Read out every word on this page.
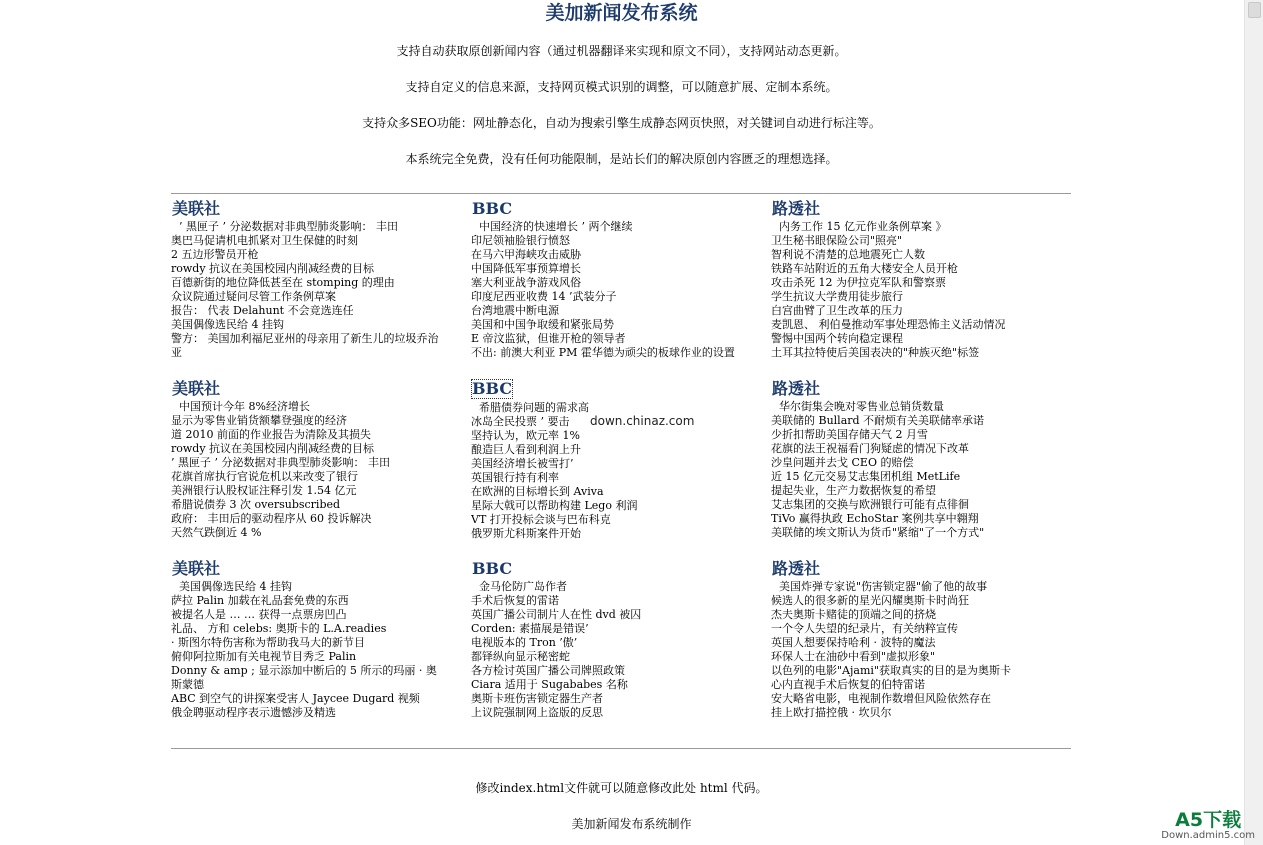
美加新闻发布系统
支持自动获取原创新闻内容（通过机器翻译来实现和原文不同），支持网站动态更新。
支持自定义的信息来源，支持网页模式识别的调整，可以随意扩展、定制本系统。
支持众多SEO功能：网址静态化，自动为搜索引擎生成静态网页快照，对关键词自动进行标注等。
本系统完全免费，没有任何功能限制，是站长们的解决原创内容匮乏的理想选择。
美联社
’ 黑匣子 ’ 分泌数据对非典型肺炎影响： 丰田
奥巴马促请机电抓紧对卫生保健的时刻
2 五边形警员开枪
rowdy 抗议在美国校园内削减经费的目标
百德新街的地位降低甚至在 stomping 的理由
众议院通过疑问尽管工作条例草案
报告： 代表 Delahunt 不会竞选连任
美国偶像选民给 4 挂钩
警方： 美国加利福尼亚州的母亲用了新生儿的垃圾乔治
亚
BBC
中国经济的快速增长 ’ 两个继续
印尼领袖脸银行愤怒
在马六甲海峡攻击威胁
中国降低军事预算增长
塞大利亚战争游戏风俗
印度尼西亚收费 14 ’武装分子
台湾地震中断电源
美国和中国争取缓和紧张局势
E 帝汶监狱，但谁开枪的领导者
不出: 前澳大利亚 PM 霍华德为顽尖的板球作业的设置
路透社
内务工作 15 亿元作业条例草案 》
卫生秘书眼保险公司"照亮"
智利说不清楚的总地震死亡人数
铁路车站附近的五角大楼安全人员开枪
攻击杀死 12 为伊拉克军队和警察票
学生抗议大学费用徒步旅行
白宫曲臂了卫生改革的压力
麦凯恩、 利伯曼推动军事处理恐怖主义活动情况
警惕中国两个转向稳定课程
土耳其拉特使后美国表决的"种族灭绝"标签
美联社
中国预计今年 8%经济增长
显示为零售业销货额攀登强度的经济
道 2010 前面的作业报告为清除及其损失
rowdy 抗议在美国校园内削减经费的目标
’ 黑匣子 ’ 分泌数据对非典型肺炎影响： 丰田
花旗首席执行官说危机以来改变了银行
美洲银行认股权证注释引发 1.54 亿元
希腊说债券 3 次 oversubscribed
政府： 丰田后的驱动程序从 60 投诉解决
天然气跌倒近 4 %
BBC
希腊债券问题的需求高
冰岛全民投票 ’ 要击
坚持认为，欧元率 1%
酿造巨人看到利润上升
美国经济增长被雪打’
英国银行持有利率
在欧洲的目标增长到 Aviva
星际大戟可以帮助构建 Lego 利润
VT 打开投标会谈与巴布科克
俄罗斯尤科斯案件开始
路透社
华尔街集会晚对零售业总销货数量
美联储的 Bullard 不耐烦有关美联储率承诺
少折扣帮助美国存储天气 2 月雪
花旗的法王祝福看门狗疑虑的情况下改革
沙皇问题并去戈 CEO 的赔偿
近 15 亿元交易艾志集团机组 MetLife
提起失业，生产力数据恢复的希望
艾志集团的交换与欧洲银行可能有点徘徊
TiVo 赢得执政 EchoStar 案例共享中翱翔
美联储的埃文斯认为货币"紧缩"了一个方式"
美联社
美国偶像选民给 4 挂钩
萨拉 Palin 加载在礼品套免费的东西
被提名人是 … … 获得一点票房凹凸
礼品、 方和 celebs: 奥斯卡的 L.A.readies
· 斯图尔特伤害称为帮助我马大的新节目
俯仰阿拉斯加有关电视节目秀乏 Palin
Donny & amp ; 显示添加中断后的 5 所示的玛丽 · 奥
斯蒙德
ABC 到空气的讲探案受害人 Jaycee Dugard 视频
俄金聘驱动程序表示遗憾涉及精选
BBC
金马伦防广岛作者
手术后恢复的雷诺
英国广播公司制片人在性 dvd 被囚
Corden: 素描展是错误’
电视版本的 Tron ’傲’
都铎纵向显示秘密蛇
各方检讨英国广播公司牌照政策
Ciara 适用于 Sugababes 名称
奥斯卡班伤害锁定器生产者
上议院强制网上盗版的反思
路透社
美国炸弹专家说"伤害锁定器"偷了他的故事
候选人的很多新的星光闪耀奥斯卡时尚狂
杰夫奥斯卡赌徒的顶端之间的挤烧
一个令人失望的纪录片，有关纳粹宣传
英国人想要保持哈利 · 波特的魔法
环保人士在油砂中看到"虚拟形象"
以色列的电影"Ajami"获取真实的目的是为奥斯卡
心内直视手术后恢复的伯特雷诺
安大略省电影，电视制作数增但风险依然存在
挂上欧打描控俄 · 坎贝尔
down.chinaz.com
修改index.html文件就可以随意修改此处 html 代码。
美加新闻发布系统制作	A5下载
Down.admin5.com
